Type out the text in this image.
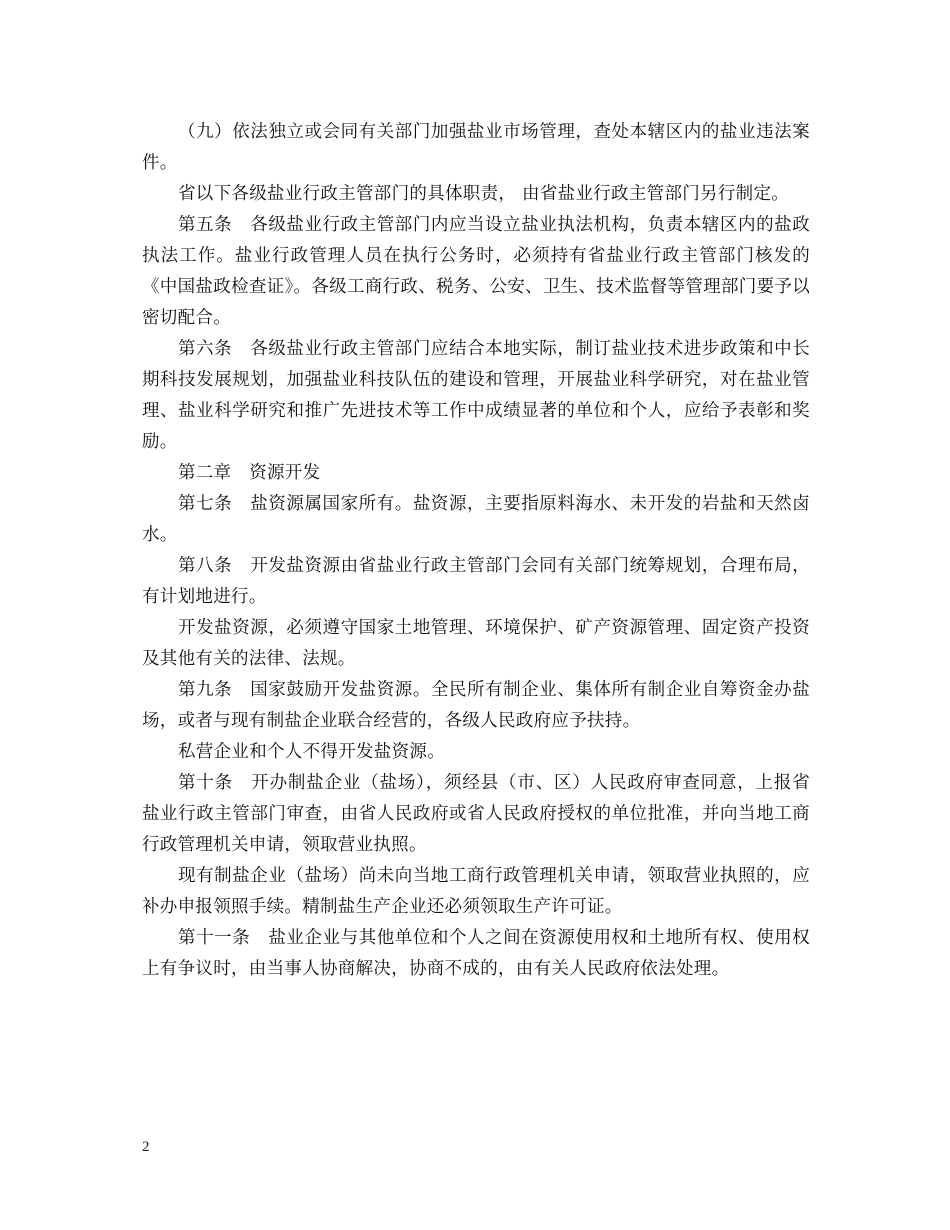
（九）依法独立或会同有关部门加强盐业市场管理，查处本辖区内的盐业违法案件。

省以下各级盐业行政主管部门的具体职责， 由省盐业行政主管部门另行制定。

第五条　各级盐业行政主管部门内应当设立盐业执法机构，负责本辖区内的盐政执法工作。盐业行政管理人员在执行公务时，必须持有省盐业行政主管部门核发的《中国盐政检查证》。各级工商行政、税务、公安、卫生、技术监督等管理部门要予以密切配合。

第六条　各级盐业行政主管部门应结合本地实际，制订盐业技术进步政策和中长期科技发展规划，加强盐业科技队伍的建设和管理，开展盐业科学研究，对在盐业管理、盐业科学研究和推广先进技术等工作中成绩显著的单位和个人，应给予表彰和奖励。

第二章　资源开发

第七条　盐资源属国家所有。盐资源，主要指原料海水、未开发的岩盐和天然卤水。

第八条　开发盐资源由省盐业行政主管部门会同有关部门统筹规划，合理布局，有计划地进行。

开发盐资源，必须遵守国家土地管理、环境保护、矿产资源管理、固定资产投资及其他有关的法律、法规。

第九条　国家鼓励开发盐资源。全民所有制企业、集体所有制企业自筹资金办盐场，或者与现有制盐企业联合经营的，各级人民政府应予扶持。

私营企业和个人不得开发盐资源。

第十条　开办制盐企业（盐场），须经县（市、区）人民政府审查同意，上报省盐业行政主管部门审查，由省人民政府或省人民政府授权的单位批准，并向当地工商行政管理机关申请，领取营业执照。

现有制盐企业（盐场）尚未向当地工商行政管理机关申请，领取营业执照的，应补办申报领照手续。精制盐生产企业还必须领取生产许可证。

第十一条　盐业企业与其他单位和个人之间在资源使用权和土地所有权、使用权上有争议时，由当事人协商解决，协商不成的，由有关人民政府依法处理。

2
